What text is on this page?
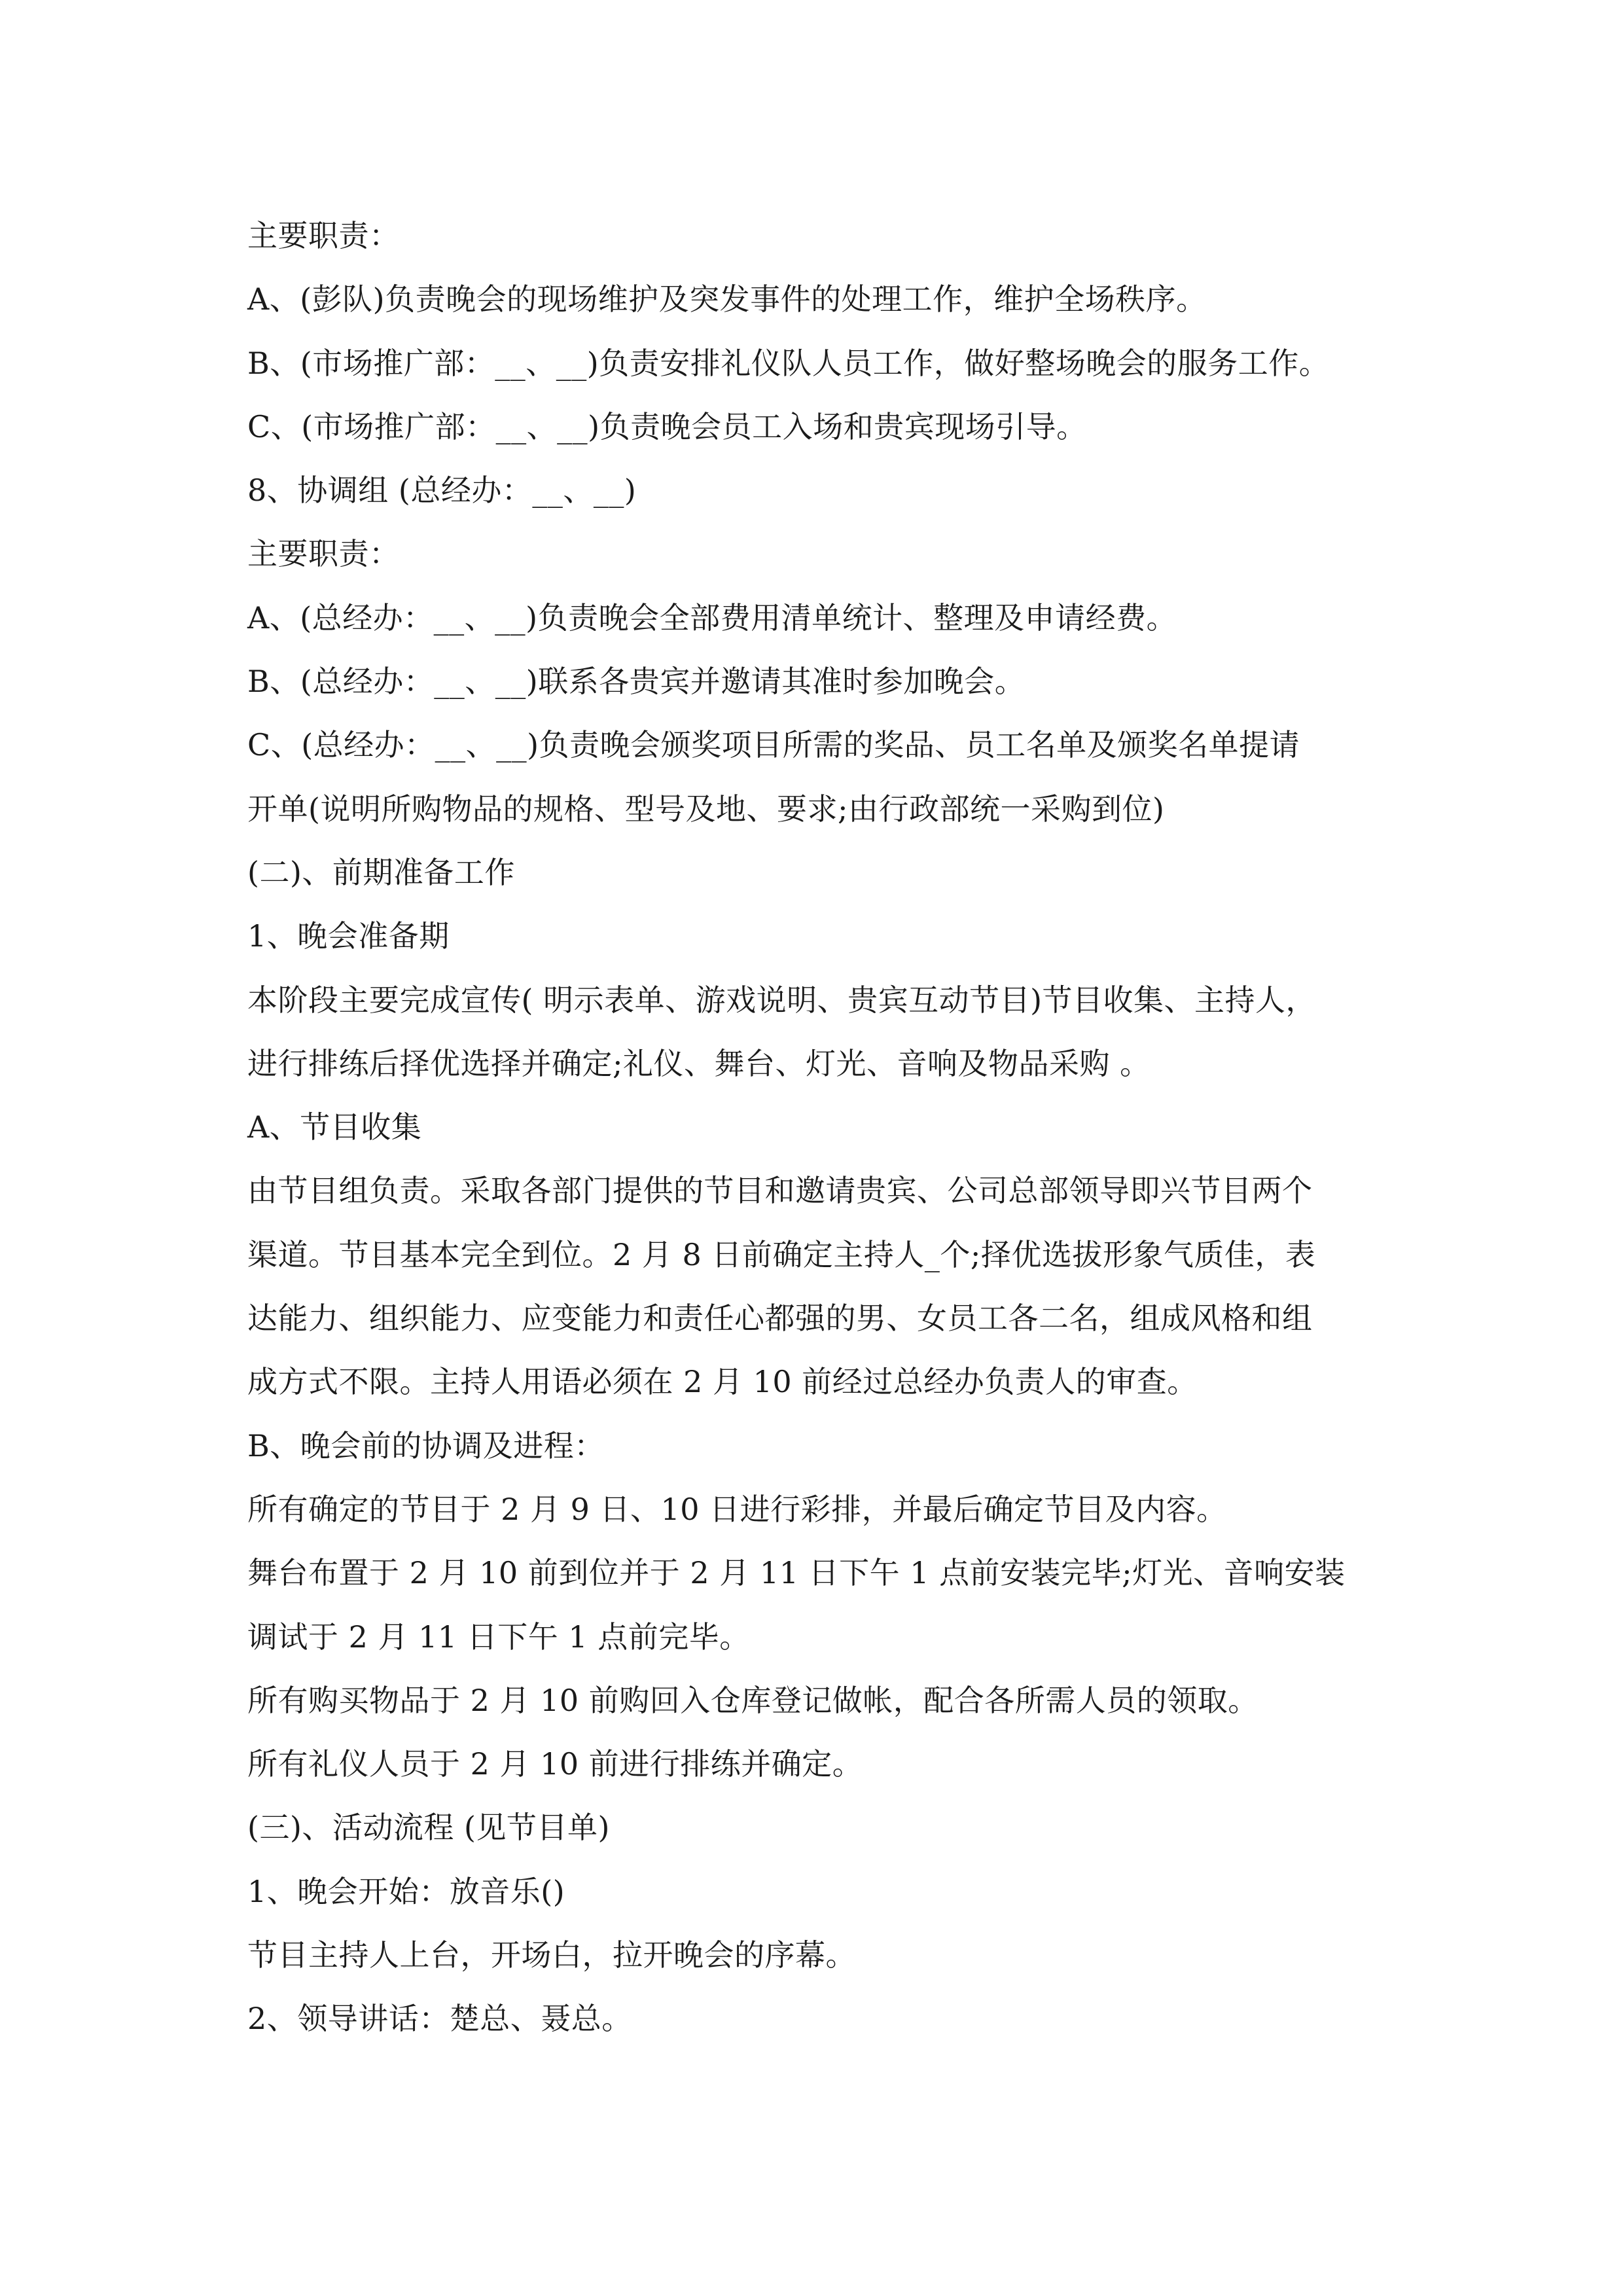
主要职责：
A、(彭队)负责晚会的现场维护及突发事件的处理工作，维护全场秩序。
B、(市场推广部：__、__)负责安排礼仪队人员工作，做好整场晚会的服务工作。
C、(市场推广部：__、__)负责晚会员工入场和贵宾现场引导。
8、协调组 (总经办：__、__)
主要职责：
A、(总经办：__、__)负责晚会全部费用清单统计、整理及申请经费。
B、(总经办：__、__)联系各贵宾并邀请其准时参加晚会。
C、(总经办：__、__)负责晚会颁奖项目所需的奖品、员工名单及颁奖名单提请
开单(说明所购物品的规格、型号及地、要求;由行政部统一采购到位)
(二)、前期准备工作
1、晚会准备期
本阶段主要完成宣传( 明示表单、游戏说明、贵宾互动节目)节目收集、主持人，
进行排练后择优选择并确定;礼仪、舞台、灯光、音响及物品采购 。
A、节目收集
由节目组负责。采取各部门提供的节目和邀请贵宾、公司总部领导即兴节目两个
渠道。节目基本完全到位。2 月 8 日前确定主持人_个;择优选拔形象气质佳，表
达能力、组织能力、应变能力和责任心都强的男、女员工各二名，组成风格和组
成方式不限。主持人用语必须在 2 月 10 前经过总经办负责人的审查。
B、晚会前的协调及进程：
所有确定的节目于 2 月 9 日、10 日进行彩排，并最后确定节目及内容。
舞台布置于 2 月 10 前到位并于 2 月 11 日下午 1 点前安装完毕;灯光、音响安装
调试于 2 月 11 日下午 1 点前完毕。
所有购买物品于 2 月 10 前购回入仓库登记做帐，配合各所需人员的领取。
所有礼仪人员于 2 月 10 前进行排练并确定。
(三)、活动流程 (见节目单)
1、晚会开始：放音乐()
节目主持人上台，开场白，拉开晚会的序幕。
2、领导讲话：楚总、聂总。
